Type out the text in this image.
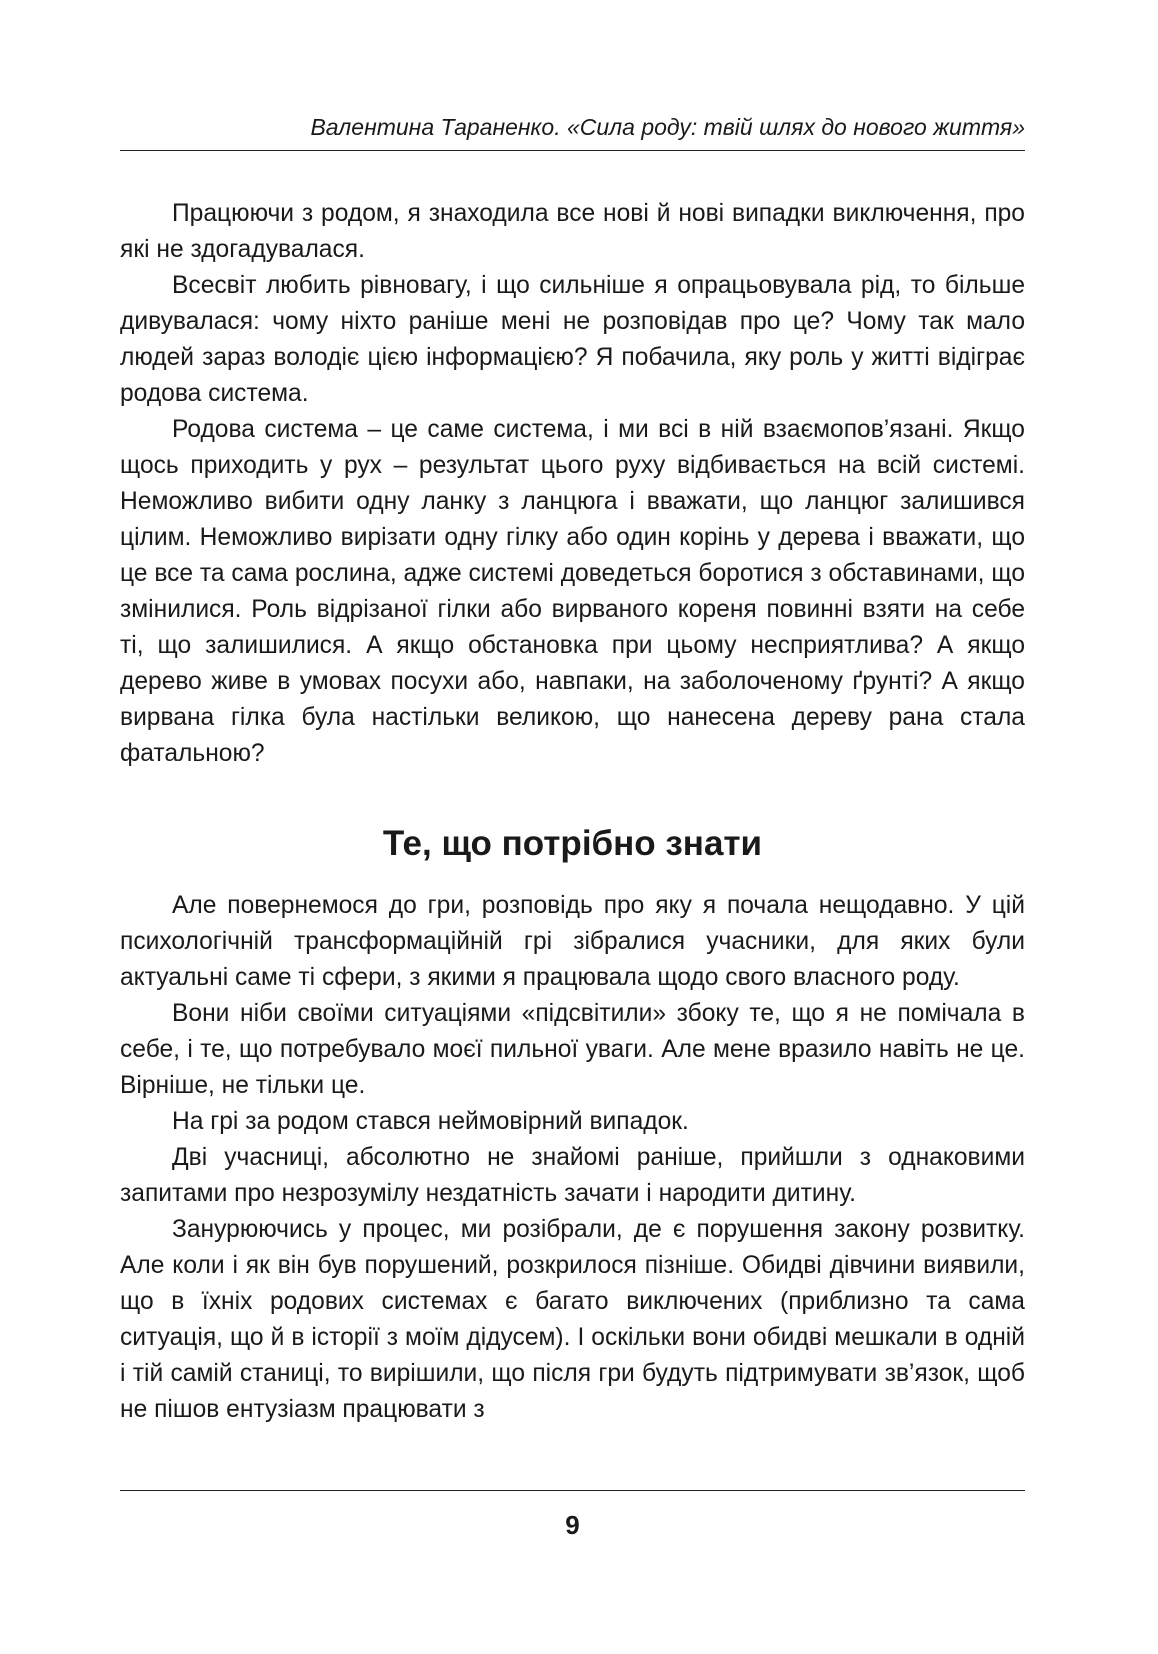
Валентина Тараненко. «Сила роду: твій шлях до нового життя»

Працюючи з родом, я знаходила все нові й нові випадки виключення, про які не здогадувалася.

Всесвіт любить рівновагу, і що сильніше я опрацьовувала рід, то більше дивувалася: чому ніхто раніше мені не розповідав про це? Чому так мало людей зараз володіє цією інформацією? Я побачила, яку роль у житті відіграє родова система.

Родова система – це саме система, і ми всі в ній взаємопов’язані. Якщо щось приходить у рух – результат цього руху відбивається на всій системі. Неможливо вибити одну ланку з ланцюга і вважати, що ланцюг залишився цілим. Неможливо вирізати одну гілку або один корінь у дерева і вважати, що це все та сама рослина, адже системі доведеться боротися з обставинами, що змінилися. Роль відрізаної гілки або вирваного кореня повинні взяти на себе ті, що залишилися. А якщо обстановка при цьому несприятлива? А якщо дерево живе в умовах посухи або, навпаки, на заболоченому ґрунті? А якщо вирвана гілка була настільки великою, що нанесена дереву рана стала фатальною?

Те, що потрібно знати

Але повернемося до гри, розповідь про яку я почала нещодавно. У цій психологічній трансформаційній грі зібралися учасники, для яких були актуальні саме ті сфери, з якими я працювала щодо свого власного роду.

Вони ніби своїми ситуаціями «підсвітили» збоку те, що я не помічала в себе, і те, що потребувало моєї пильної уваги. Але мене вразило навіть не це. Вірніше, не тільки це.

На грі за родом стався неймовірний випадок.

Дві учасниці, абсолютно не знайомі раніше, прийшли з однаковими запитами про незрозумілу нездатність зачати і народити дитину.

Занурюючись у процес, ми розібрали, де є порушення закону розвитку. Але коли і як він був порушений, розкрилося пізніше. Обидві дівчини виявили, що в їхніх родових системах є багато виключених (приблизно та сама ситуація, що й в історії з моїм дідусем). І оскільки вони обидві мешкали в одній і тій самій станиці, то вирішили, що після гри будуть підтримувати зв’язок, щоб не пішов ентузіазм працювати з

9
